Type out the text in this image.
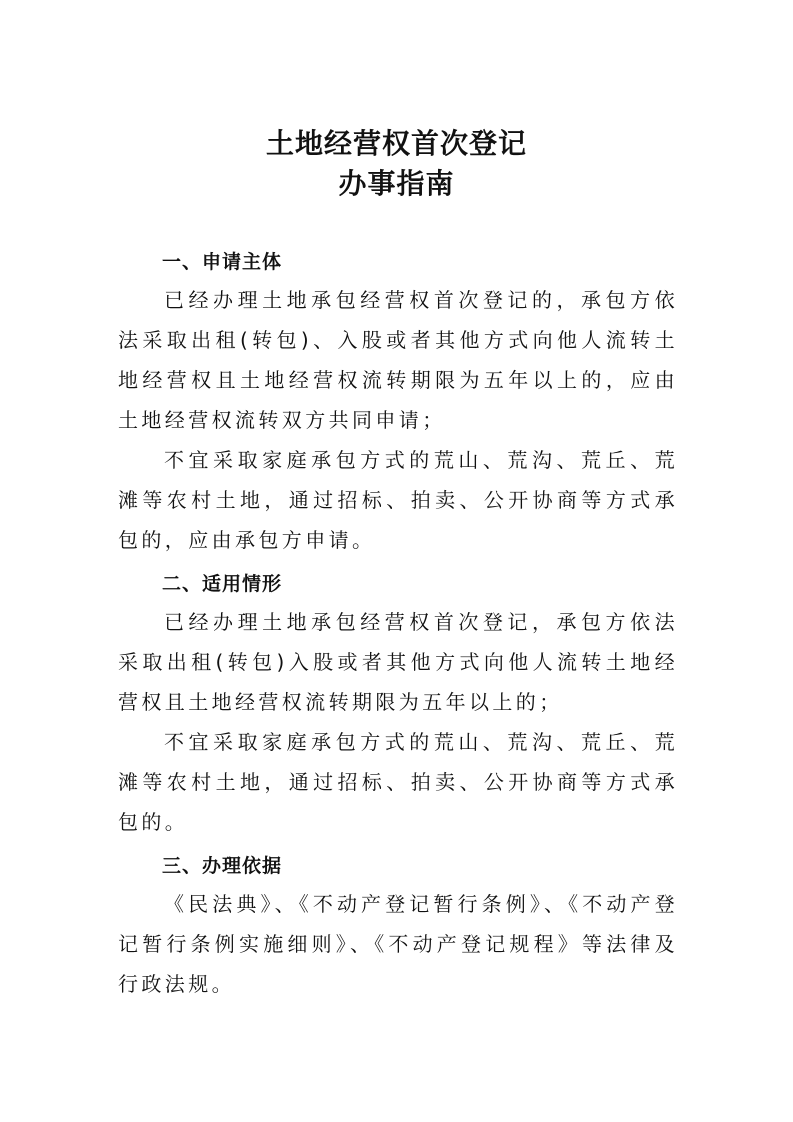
土地经营权首次登记
办事指南
一、申请主体

已经办理土地承包经营权首次登记的，承包方依法采取出租(转包)、入股或者其他方式向他人流转土地经营权且土地经营权流转期限为五年以上的，应由土地经营权流转双方共同申请；

不宜采取家庭承包方式的荒山、荒沟、荒丘、荒滩等农村土地，通过招标、拍卖、公开协商等方式承包的，应由承包方申请。

二、适用情形

已经办理土地承包经营权首次登记，承包方依法采取出租(转包)入股或者其他方式向他人流转土地经营权且土地经营权流转期限为五年以上的；

不宜采取家庭承包方式的荒山、荒沟、荒丘、荒滩等农村土地，通过招标、拍卖、公开协商等方式承包的。

三、办理依据

《民法典》、《不动产登记暂行条例》、《不动产登记暂行条例实施细则》、《不动产登记规程》等法律及行政法规。
